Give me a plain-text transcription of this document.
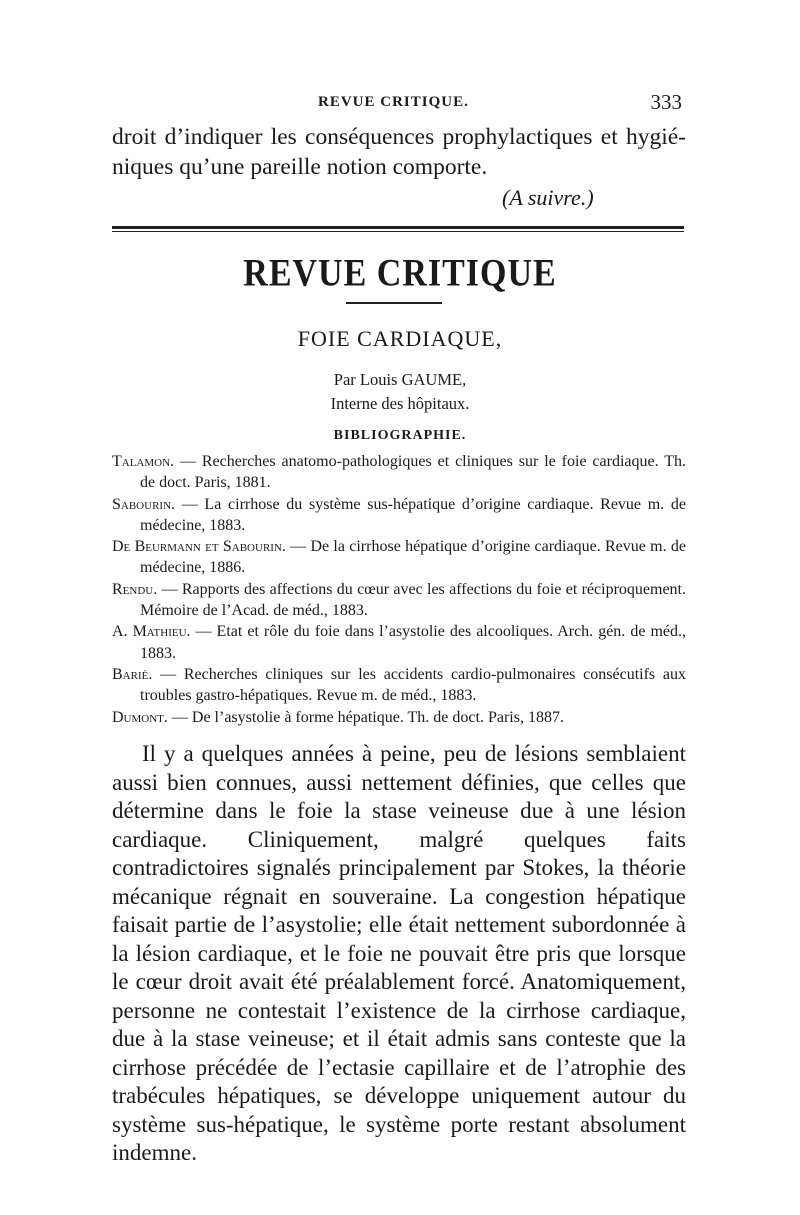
REVUE CRITIQUE.	333

droit d’indiquer les conséquences prophylactiques et hygié-niques qu’une pareille notion comporte.

(A suivre.)
REVUE CRITIQUE
FOIE CARDIAQUE,
Par Louis GAUME,
Interne des hôpitaux.
BIBLIOGRAPHIE.

Talamon. — Recherches anatomo-pathologiques et cliniques sur le foie cardiaque. Th. de doct. Paris, 1881.

Sabourin. — La cirrhose du système sus-hépatique d’origine cardiaque. Revue m. de médecine, 1883.

De Beurmann et Sabourin. — De la cirrhose hépatique d’origine cardiaque. Revue m. de médecine, 1886.

Rendu. — Rapports des affections du cœur avec les affections du foie et réciproquement. Mémoire de l’Acad. de méd., 1883.

A. Mathieu. — Etat et rôle du foie dans l’asystolie des alcooliques. Arch. gén. de méd., 1883.

Barié. — Recherches cliniques sur les accidents cardio-pulmonaires consécutifs aux troubles gastro-hépatiques. Revue m. de méd., 1883.

Dumont. — De l’asystolie à forme hépatique. Th. de doct. Paris, 1887.

Il y a quelques années à peine, peu de lésions semblaient aussi bien connues, aussi nettement définies, que celles que détermine dans le foie la stase veineuse due à une lésion cardiaque. Cliniquement, malgré quelques faits contradictoires signalés principalement par Stokes, la théorie mécanique régnait en souveraine. La congestion hépatique faisait partie de l’asystolie; elle était nettement subordonnée à la lésion cardiaque, et le foie ne pouvait être pris que lorsque le cœur droit avait été préalablement forcé. Anatomiquement, personne ne contestait l’existence de la cirrhose cardiaque, due à la stase veineuse; et il était admis sans conteste que la cirrhose précédée de l’ectasie capillaire et de l’atrophie des trabécules hépatiques, se développe uniquement autour du système sus-hépatique, le système porte restant absolument indemne.
